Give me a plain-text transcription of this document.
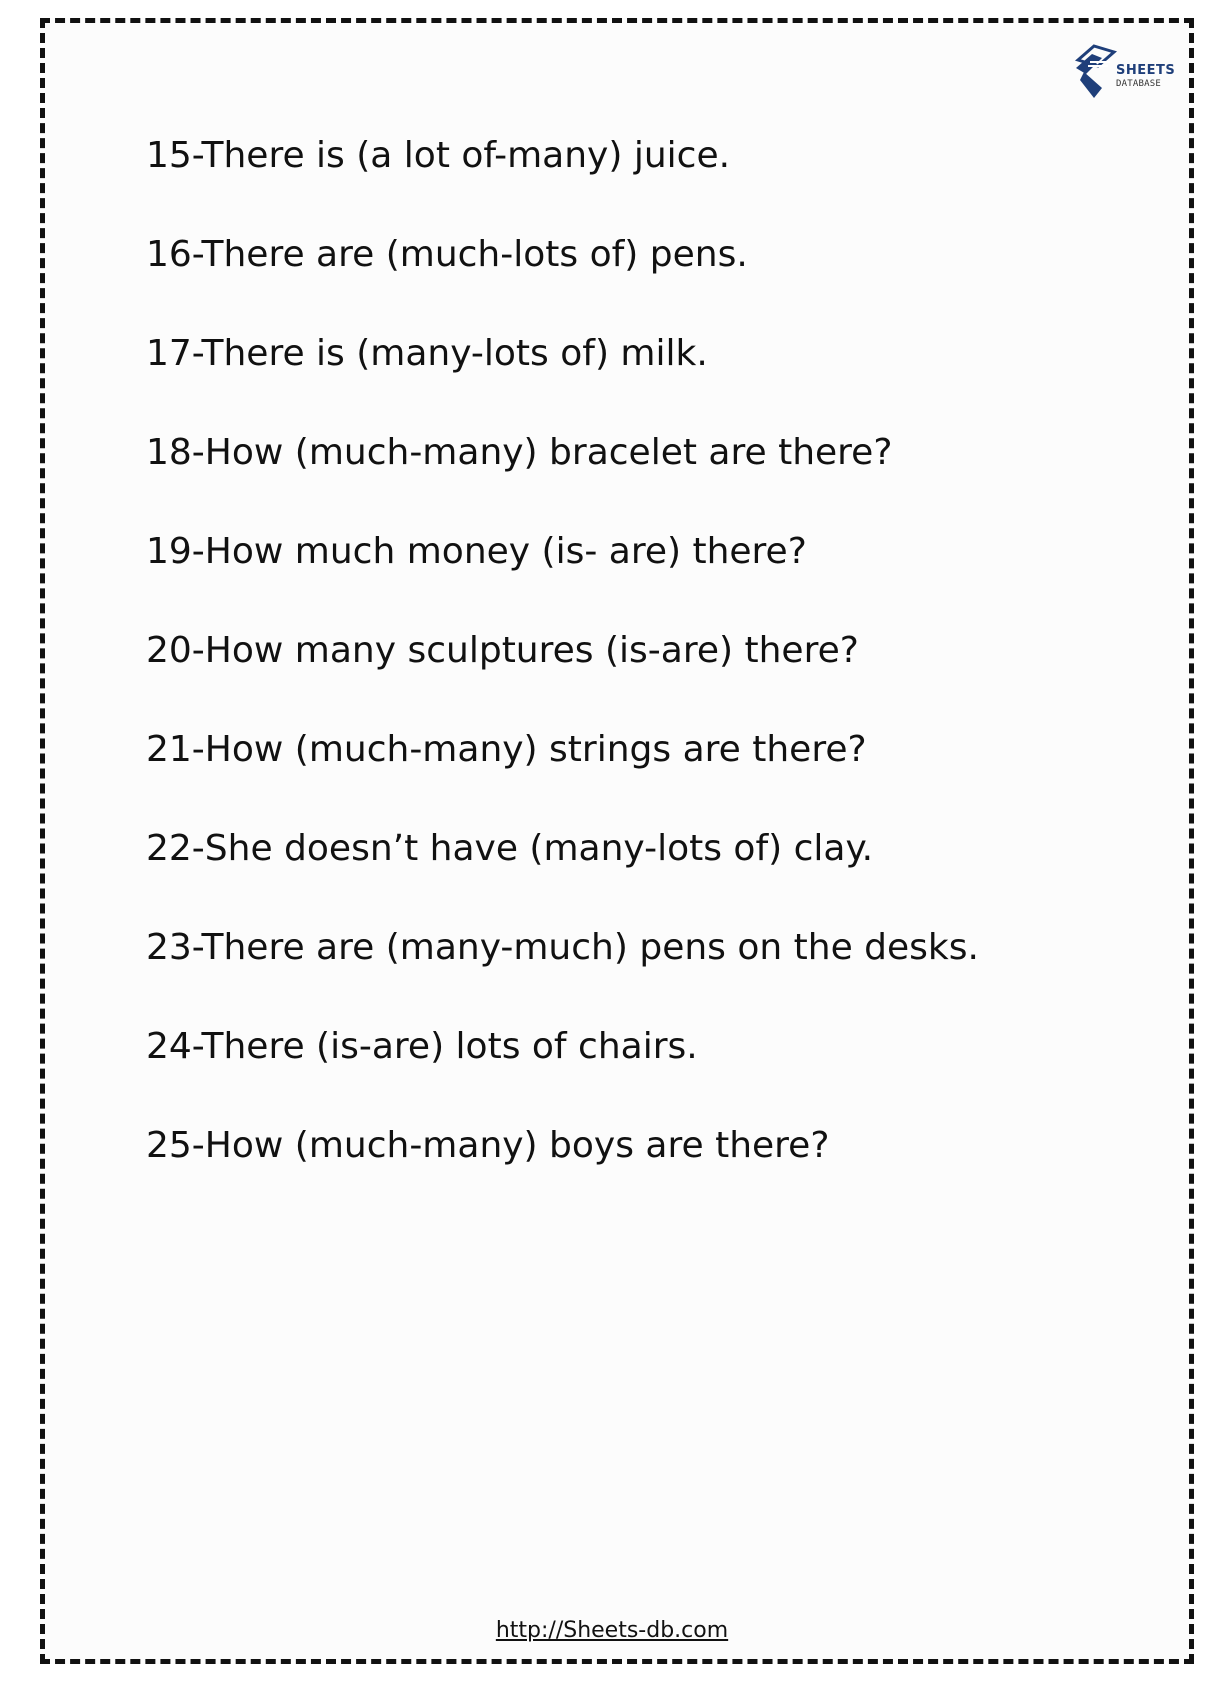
SHEETS
DATABASE
15-There is (a lot of-many) juice.
16-There are (much-lots of) pens.
17-There is (many-lots of) milk.
18-How (much-many) bracelet are there?
19-How much money (is- are) there?
20-How many sculptures (is-are) there?
21-How (much-many) strings are there?
22-She doesn’t have (many-lots of) clay.
23-There are (many-much) pens on the desks.
24-There (is-are) lots of chairs.
25-How (much-many) boys are there?
http://Sheets-db.com
